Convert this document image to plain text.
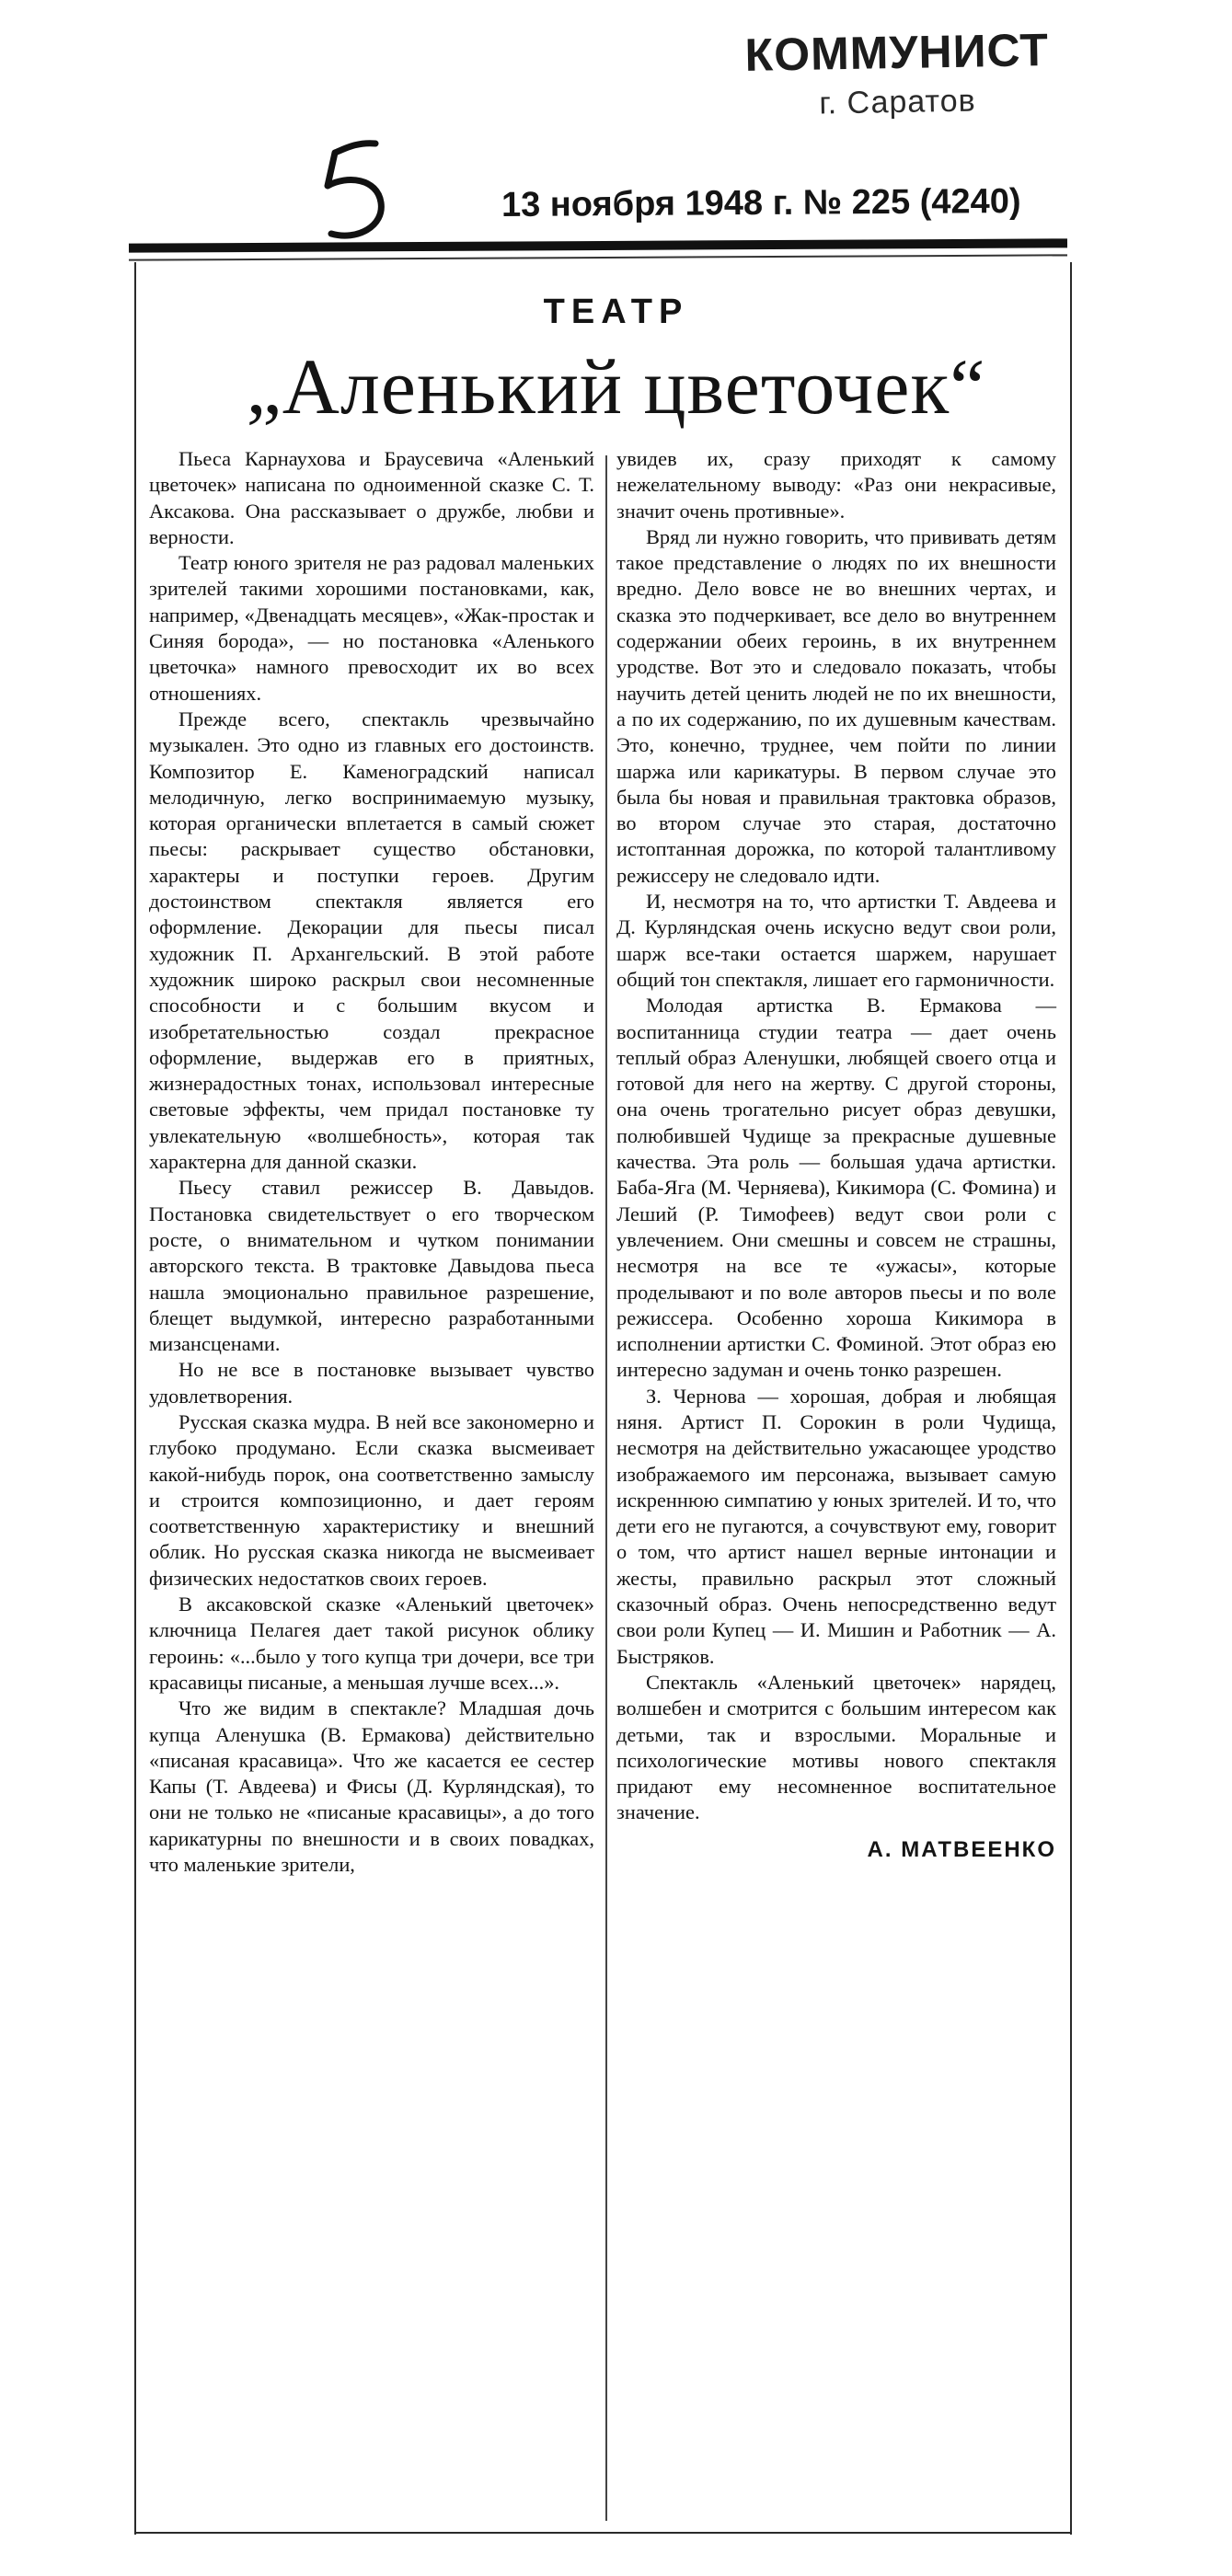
КОММУНИСТ
г. Саратов
13 ноября 1948 г. № 225 (4240)
ТЕАТР
„Аленький цветочек“

Пьеса Карнаухова и Браусевича «Аленький цветочек» написана по одноименной сказке С. Т. Аксакова. Она рассказывает о дружбе, любви и верности.

Театр юного зрителя не раз радовал маленьких зрителей такими хорошими постановками, как, например, «Двенадцать месяцев», «Жак-простак и Синяя борода», — но постановка «Аленького цветочка» намного превосходит их во всех отношениях.

Прежде всего, спектакль чрезвычайно музыкален. Это одно из главных его достоинств. Композитор Е. Каменоградский написал мелодичную, легко воспринимаемую музыку, которая органически вплетается в самый сюжет пьесы: раскрывает существо обстановки, характеры и поступки героев. Другим достоинством спектакля является его оформление. Декорации для пьесы писал художник П. Архангельский. В этой работе художник широко раскрыл свои несомненные способности и с большим вкусом и изобретательностью создал прекрасное оформление, выдержав его в приятных, жизнерадостных тонах, использовал интересные световые эффекты, чем придал постановке ту увлекательную «волшебность», которая так характерна для данной сказки.

Пьесу ставил режиссер В. Давыдов. Постановка свидетельствует о его творческом росте, о внимательном и чутком понимании авторского текста. В трактовке Давыдова пьеса нашла эмоционально правильное разрешение, блещет выдумкой, интересно разработанными мизансценами.

Но не все в постановке вызывает чувство удовлетворения.

Русская сказка мудра. В ней все закономерно и глубоко продумано. Если сказка высмеивает какой-нибудь порок, она соответственно замыслу и строится композиционно, и дает героям соответственную характеристику и внешний облик. Но русская сказка никогда не высмеивает физических недостатков своих героев.

В аксаковской сказке «Аленький цветочек» ключница Пелагея дает такой рисунок облику героинь: «...было у того купца три дочери, все три красавицы писаные, а меньшая лучше всех...».

Что же видим в спектакле? Младшая дочь купца Аленушка (В. Ермакова) действительно «писаная красавица». Что же касается ее сестер Капы (Т. Авдеева) и Фисы (Д. Курляндская), то они не только не «писаные красавицы», а до того карикатурны по внешности и в своих повадках, что маленькие зрители,

увидев их, сразу приходят к самому нежелательному выводу: «Раз они некрасивые, значит очень противные».

Вряд ли нужно говорить, что прививать детям такое представление о людях по их внешности вредно. Дело вовсе не во внешних чертах, и сказка это подчеркивает, все дело во внутреннем содержании обеих героинь, в их внутреннем уродстве. Вот это и следовало показать, чтобы научить детей ценить людей не по их внешности, а по их содержанию, по их душевным качествам. Это, конечно, труднее, чем пойти по линии шаржа или карикатуры. В первом случае это была бы новая и правильная трактовка образов, во втором случае это старая, достаточно истоптанная дорожка, по которой талантливому режиссеру не следовало идти.

И, несмотря на то, что артистки Т. Авдеева и Д. Курляндская очень искусно ведут свои роли, шарж все-таки остается шаржем, нарушает общий тон спектакля, лишает его гармоничности.

Молодая артистка В. Ермакова — воспитанница студии театра — дает очень теплый образ Аленушки, любящей своего отца и готовой для него на жертву. С другой стороны, она очень трогательно рисует образ девушки, полюбившей Чудище за прекрасные душевные качества. Эта роль — большая удача артистки. Баба-Яга (М. Черняева), Кикимора (С. Фомина) и Леший (Р. Тимофеев) ведут свои роли с увлечением. Они смешны и совсем не страшны, несмотря на все те «ужасы», которые проделывают и по воле авторов пьесы и по воле режиссера. Особенно хороша Кикимора в исполнении артистки С. Фоминой. Этот образ ею интересно задуман и очень тонко разрешен.

З. Чернова — хорошая, добрая и любящая няня. Артист П. Сорокин в роли Чудища, несмотря на действительно ужасающее уродство изображаемого им персонажа, вызывает самую искреннюю симпатию у юных зрителей. И то, что дети его не пугаются, а сочувствуют ему, говорит о том, что артист нашел верные интонации и жесты, правильно раскрыл этот сложный сказочный образ. Очень непосредственно ведут свои роли Купец — И. Мишин и Работник — А. Быстряков.

Спектакль «Аленький цветочек» нарядец, волшебен и смотрится с большим интересом как детьми, так и взрослыми. Моральные и психологические мотивы нового спектакля придают ему несомненное воспитательное значение.

А. МАТВЕЕНКО
